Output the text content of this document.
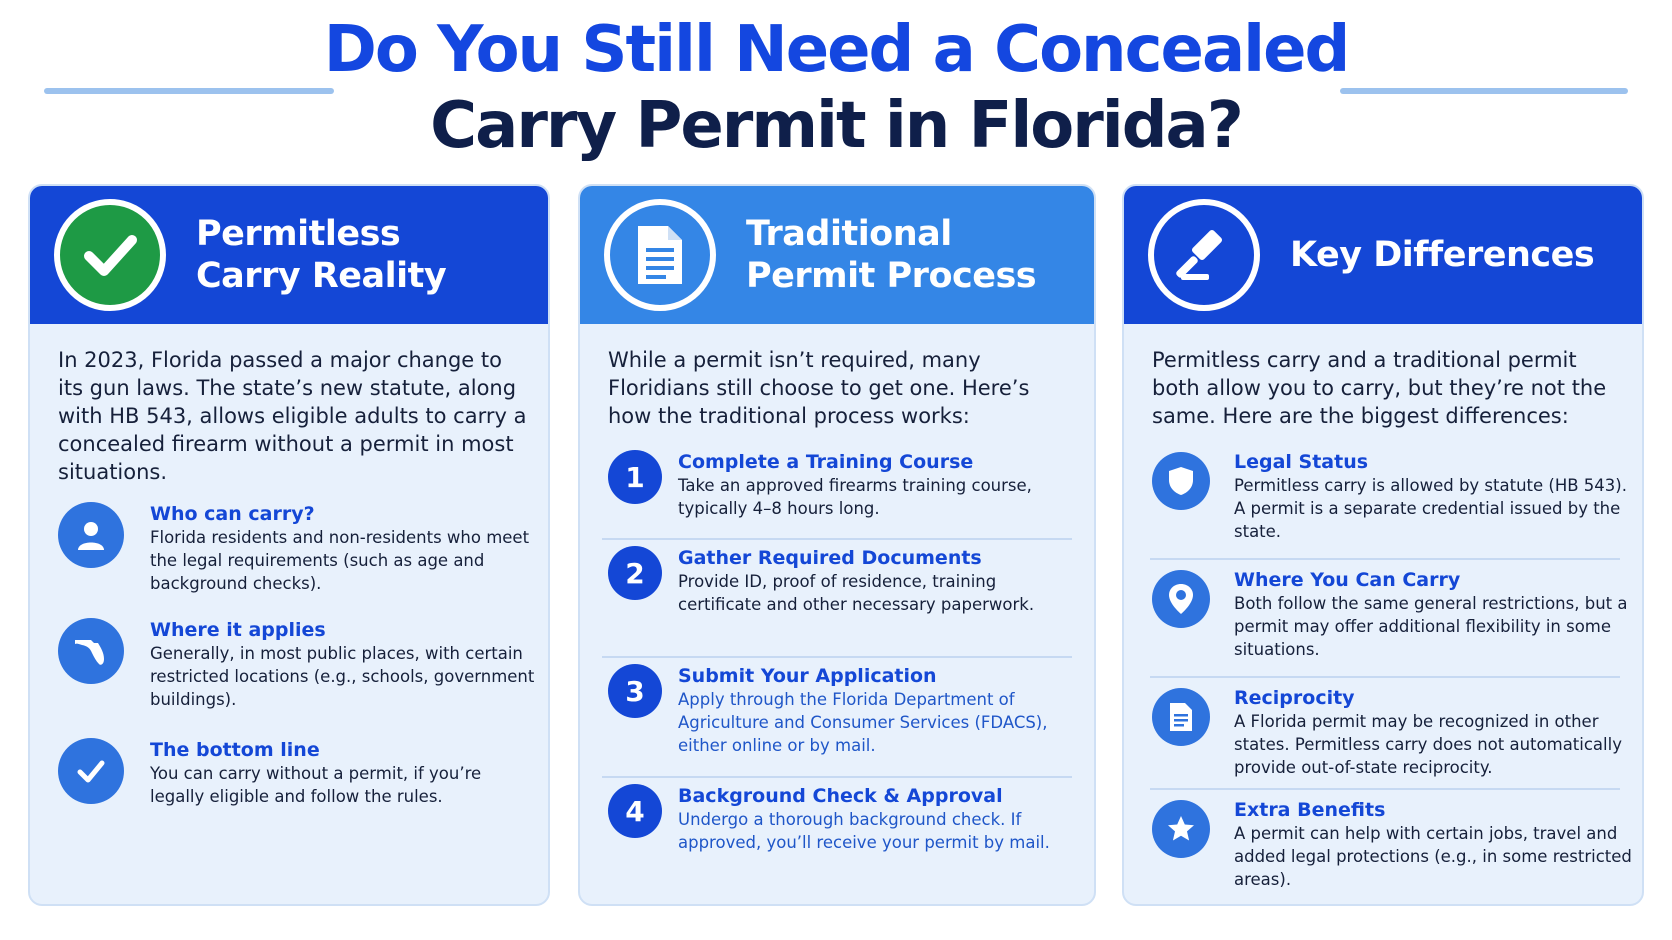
Do You Still Need a Concealed
Carry Permit in Florida?
Permitless Carry Reality
In 2023, Florida passed a major change to its gun laws. The state’s new statute, along with HB 543, allows eligible adults to carry a concealed firearm without a permit in most situations.
Who can carry?
Florida residents and non-residents who meet the legal requirements (such as age and background checks).
Where it applies
Generally, in most public places, with certain restricted locations (e.g., schools, government buildings).
The bottom line
You can carry without a permit, if you’re legally eligible and follow the rules.
Traditional Permit Process
While a permit isn’t required, many Floridians still choose to get one. Here’s how the traditional process works:
1	Complete a Training Course
Take an approved firearms training course, typically 4–8 hours long.
2	Gather Required Documents
Provide ID, proof of residence, training certificate and other necessary paperwork.
3	Submit Your Application
Apply through the Florida Department of Agriculture and Consumer Services (FDACS), either online or by mail.
4	Background Check & Approval
Undergo a thorough background check. If approved, you’ll receive your permit by mail.
Key Differences
Permitless carry and a traditional permit both allow you to carry, but they’re not the same. Here are the biggest differences:
Legal Status
Permitless carry is allowed by statute (HB 543). A permit is a separate credential issued by the state.
Where You Can Carry
Both follow the same general restrictions, but a permit may offer additional flexibility in some situations.
Reciprocity
A Florida permit may be recognized in other states. Permitless carry does not automatically provide out-of-state reciprocity.
Extra Benefits
A permit can help with certain jobs, travel and added legal protections (e.g., in some restricted areas).
